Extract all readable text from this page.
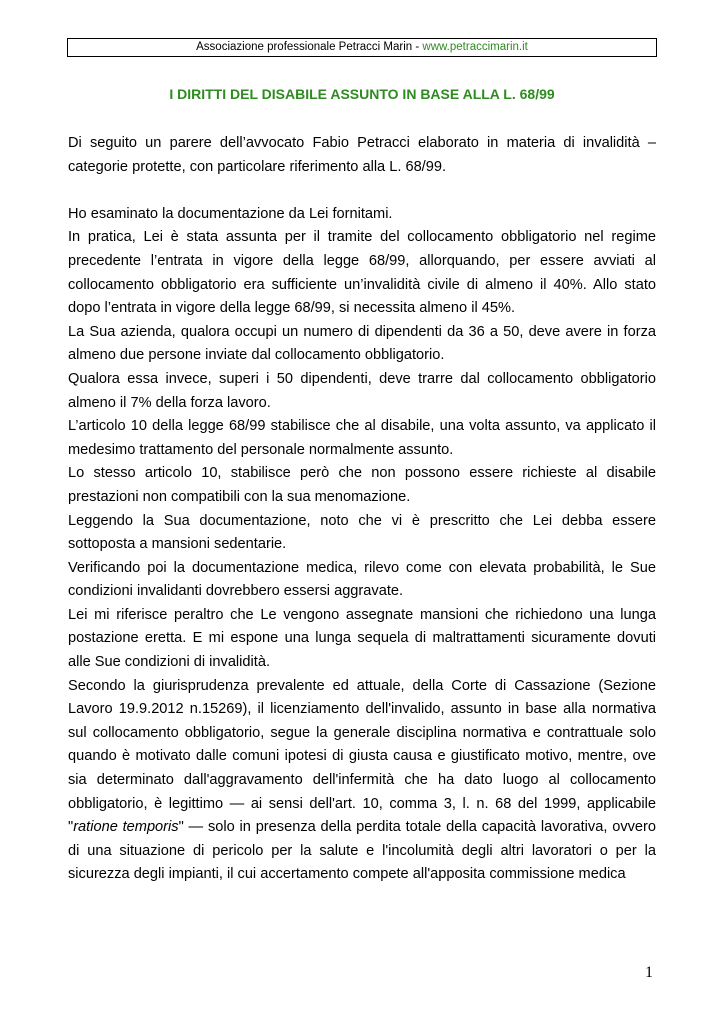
Associazione professionale Petracci Marin - www.petraccimarin.it
I DIRITTI DEL DISABILE ASSUNTO IN BASE ALLA L. 68/99

Di seguito un parere dell’avvocato Fabio Petracci elaborato in materia di invalidità – categorie protette, con particolare riferimento alla L. 68/99.

Ho esaminato la documentazione da Lei fornitami.

In pratica, Lei è stata assunta per il tramite del collocamento obbligatorio nel regime precedente l’entrata in vigore della legge 68/99, allorquando, per essere avviati al collocamento obbligatorio era sufficiente un’invalidità civile di almeno il 40%. Allo stato dopo l’entrata in vigore della legge 68/99, si necessita almeno il 45%.

La Sua azienda, qualora occupi un numero di dipendenti da 36 a 50, deve avere in forza almeno due persone inviate dal collocamento obbligatorio.

Qualora essa invece, superi i 50 dipendenti, deve trarre dal collocamento obbligatorio almeno il 7% della forza lavoro.

L’articolo 10 della legge 68/99 stabilisce che al disabile, una volta assunto, va applicato il medesimo trattamento del personale normalmente assunto.

Lo stesso articolo 10, stabilisce però che non possono essere richieste al disabile prestazioni non compatibili con la sua menomazione.

Leggendo la Sua documentazione, noto che vi è prescritto che Lei debba essere sottoposta a mansioni sedentarie.

Verificando poi la documentazione medica, rilevo come con elevata probabilità, le Sue condizioni invalidanti dovrebbero essersi aggravate.

Lei mi riferisce peraltro che Le vengono assegnate mansioni che richiedono una lunga postazione eretta. E mi espone una lunga sequela di maltrattamenti sicuramente dovuti alle Sue condizioni di invalidità.

Secondo la giurisprudenza prevalente ed attuale, della Corte di Cassazione (Sezione Lavoro 19.9.2012 n.15269), il licenziamento dell'invalido, assunto in base alla normativa sul collocamento obbligatorio, segue la generale disciplina normativa e contrattuale solo quando è motivato dalle comuni ipotesi di giusta causa e giustificato motivo, mentre, ove sia determinato dall'aggravamento dell'infermità che ha dato luogo al collocamento obbligatorio, è legittimo — ai sensi dell'art. 10, comma 3, l. n. 68 del 1999, applicabile "ratione temporis" — solo in presenza della perdita totale della capacità lavorativa, ovvero di una situazione di pericolo per la salute e l'incolumità degli altri lavoratori o per la sicurezza degli impianti, il cui accertamento compete all'apposita commissione medica

1
